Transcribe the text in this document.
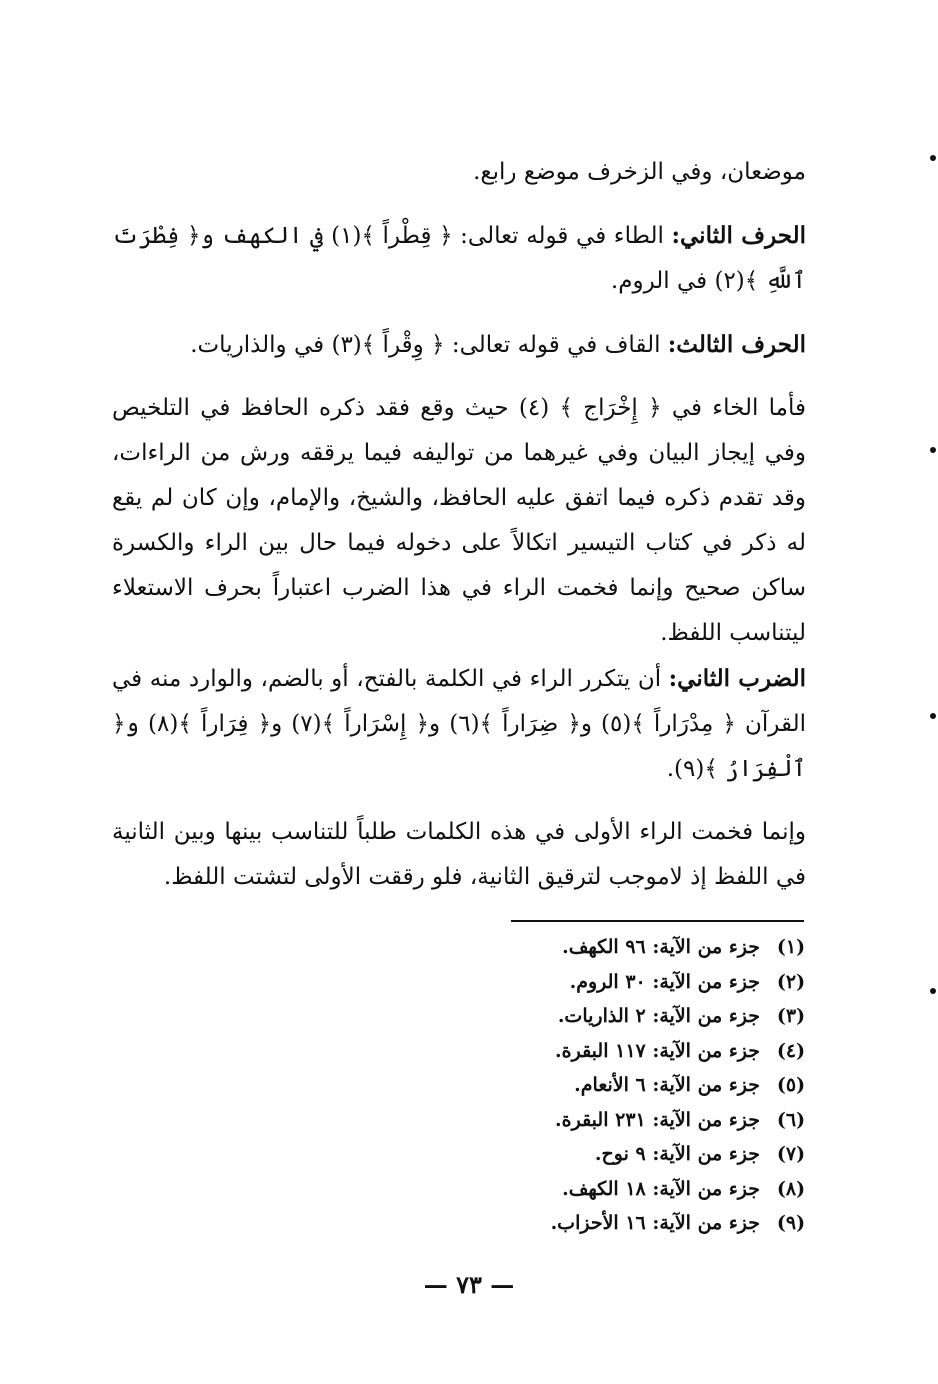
موضعان، وفي الزخرف موضع رابع.

الحرف الثاني: الطاء في قوله تعالى: ﴿ قِطْراً ﴾(١) في الكهف و﴿ فِطْرَتَ ٱللَّهِ ﴾(٢) في الروم.

الحرف الثالث: القاف في قوله تعالى: ﴿ وِقْراً ﴾(٣) في والذاريات.

فأما الخاء في ﴿ إِخْرَاج ﴾ (٤) حيث وقع فقد ذكره الحافظ في التلخيص وفي إيجاز البيان وفي غيرهما من تواليفه فيما يرققه ورش من الراءات، وقد تقدم ذكره فيما اتفق عليه الحافظ، والشيخ، والإمام، وإن كان لم يقع له ذكر في كتاب التيسير اتكالاً على دخوله فيما حال بين الراء والكسرة ساكن صحيح وإنما فخمت الراء في هذا الضرب اعتباراً بحرف الاستعلاء ليتناسب اللفظ.

الضرب الثاني: أن يتكرر الراء في الكلمة بالفتح، أو بالضم، والوارد منه في القرآن ﴿ مِدْرَاراً ﴾(٥) و﴿ ضِرَاراً ﴾(٦) و﴿ إِسْرَاراً ﴾(٧) و﴿ فِرَاراً ﴾(٨) و﴿ ٱلْفِرَارُ ﴾(٩).

وإنما فخمت الراء الأولى في هذه الكلمات طلباً للتناسب بينها وبين الثانية في اللفظ إذ لاموجب لترقيق الثانية، فلو رققت الأولى لتشتت اللفظ.

(١)
جزء من الآية: ٩٦ الكهف.
(٢)
جزء من الآية: ٣٠ الروم.
(٣)
جزء من الآية: ٢ الذاريات.
(٤)
جزء من الآية: ١١٧ البقرة.
(٥)
جزء من الآية: ٦ الأنعام.
(٦)
جزء من الآية: ٢٣١ البقرة.
(٧)
جزء من الآية: ٩ نوح.
(٨)
جزء من الآية: ١٨ الكهف.
(٩)
جزء من الآية: ١٦ الأحزاب.
— ٧٣ —
